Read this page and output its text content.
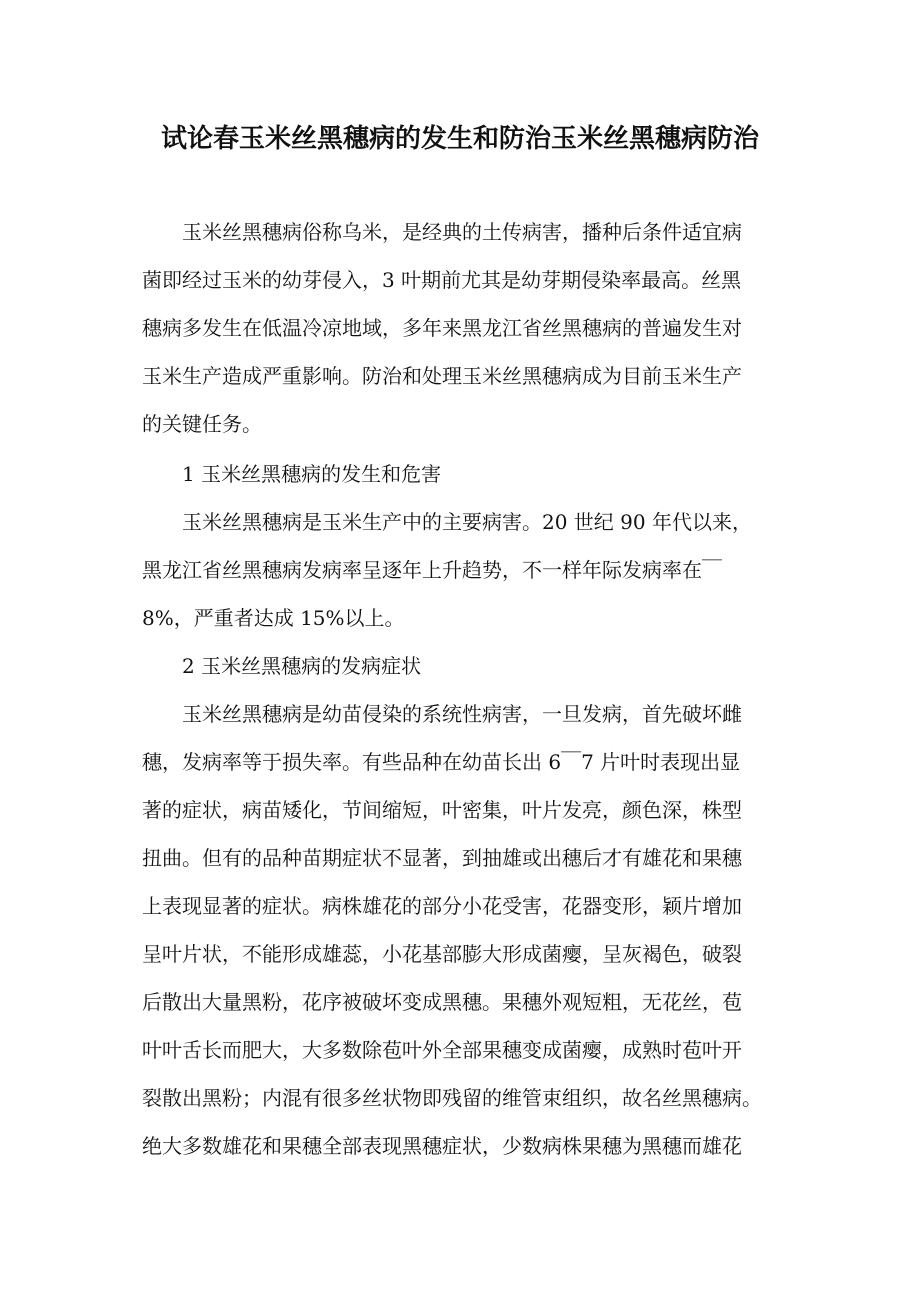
试论春玉米丝黑穗病的发生和防治玉米丝黑穗病防治
　　玉米丝黑穗病俗称乌米，是经典的土传病害，播种后条件适宜病
菌即经过玉米的幼芽侵入，3 叶期前尤其是幼芽期侵染率最高。丝黑
穗病多发生在低温冷凉地域，多年来黑龙江省丝黑穗病的普遍发生对
玉米生产造成严重影响。防治和处理玉米丝黑穗病成为目前玉米生产
的关键任务。
　　1 玉米丝黑穗病的发生和危害
　　玉米丝黑穗病是玉米生产中的主要病害。20 世纪 90 年代以来，
黑龙江省丝黑穗病发病率呈逐年上升趋势，不一样年际发病率在￣
8%，严重者达成 15%以上。
　　2 玉米丝黑穗病的发病症状
　　玉米丝黑穗病是幼苗侵染的系统性病害，一旦发病，首先破坏雌
穗，发病率等于损失率。有些品种在幼苗长出 6￣7 片叶时表现出显
著的症状，病苗矮化，节间缩短，叶密集，叶片发亮，颜色深，株型
扭曲。但有的品种苗期症状不显著，到抽雄或出穗后才有雄花和果穗
上表现显著的症状。病株雄花的部分小花受害，花器变形，颖片增加
呈叶片状，不能形成雄蕊，小花基部膨大形成菌瘿，呈灰褐色，破裂
后散出大量黑粉，花序被破坏变成黑穗。果穗外观短粗，无花丝，苞
叶叶舌长而肥大，大多数除苞叶外全部果穗变成菌瘿，成熟时苞叶开
裂散出黑粉；内混有很多丝状物即残留的维管束组织，故名丝黑穗病。
绝大多数雄花和果穗全部表现黑穗症状，少数病株果穗为黑穗而雄花
